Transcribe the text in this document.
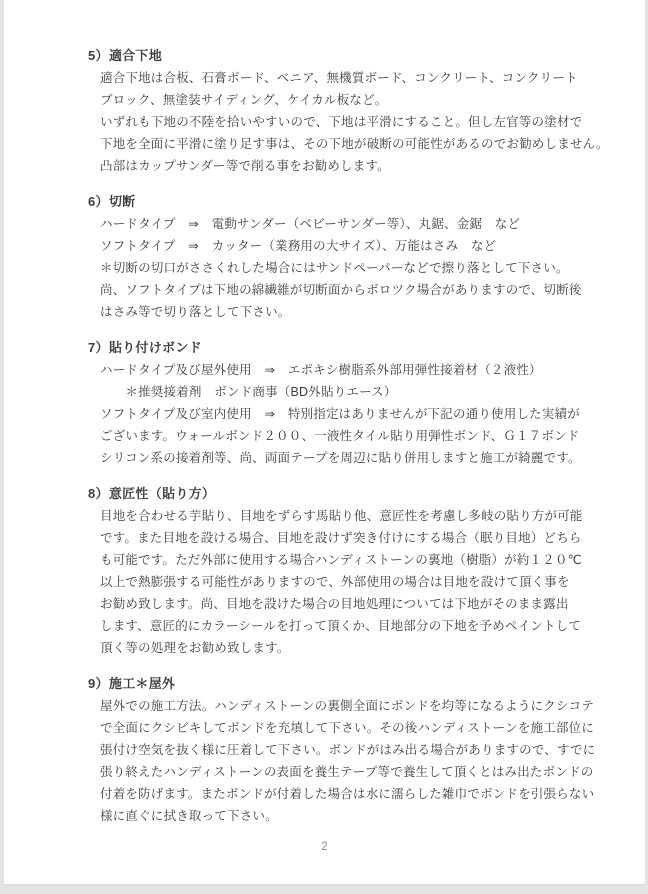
5）適合下地
適合下地は合板、石膏ボード、ベニア、無機質ボード、コンクリート、コンクリート
ブロック、無塗装サイディング、ケイカル板など。
いずれも下地の不陸を拾いやすいので、下地は平滑にすること。但し左官等の塗材で
下地を全面に平滑に塗り足す事は、その下地が破断の可能性があるのでお勧めしません。
凸部はカップサンダー等で削る事をお勧めします。
6）切断
ハードタイプ　⇒　電動サンダー（ベビーサンダー等）、丸鋸、金鋸　など
ソフトタイプ　⇒　カッター（業務用の大サイズ）、万能はさみ　など
＊切断の切口がささくれした場合にはサンドペーパーなどで擦り落として下さい。
尚、ソフトタイプは下地の綿繊維が切断面からボロツク場合がありますので、切断後
はさみ等で切り落として下さい。
7）貼り付けボンド
ハードタイプ及び屋外使用　⇒　エポキシ樹脂系外部用弾性接着材（２液性）
　　＊推奨接着剤　ボンド商事（BD外貼りエース）
ソフトタイプ及び室内使用　⇒　特別指定はありませんが下記の通り使用した実績が
ございます。ウォールボンド２００、一液性タイル貼り用弾性ボンド、Ｇ１７ボンド
シリコン系の接着剤等、尚、両面テープを周辺に貼り併用しますと施工が綺麗です。
8）意匠性（貼り方）
目地を合わせる芋貼り、目地をずらす馬貼り他、意匠性を考慮し多岐の貼り方が可能
です。また目地を設ける場合、目地を設けず突き付けにする場合（眠り目地）どちら
も可能です。ただ外部に使用する場合ハンディストーンの裏地（樹脂）が約１２０℃
以上で熱膨張する可能性がありますので、外部使用の場合は目地を設けて頂く事を
お勧め致します。尚、目地を設けた場合の目地処理については下地がそのまま露出
します、意匠的にカラーシールを打って頂くか、目地部分の下地を予めペイントして
頂く等の処理をお勧め致します。
9）施工＊屋外
屋外での施工方法。ハンディストーンの裏側全面にボンドを均等になるようにクシコテ
で全面にクシビキしてボンドを充填して下さい。その後ハンディストーンを施工部位に
張付け空気を抜く様に圧着して下さい。ボンドがはみ出る場合がありますので、すでに
張り終えたハンディストーンの表面を養生テープ等で養生して頂くとはみ出たボンドの
付着を防げます。またボンドが付着した場合は水に濡らした雑巾でボンドを引張らない
様に直ぐに拭き取って下さい。
2
